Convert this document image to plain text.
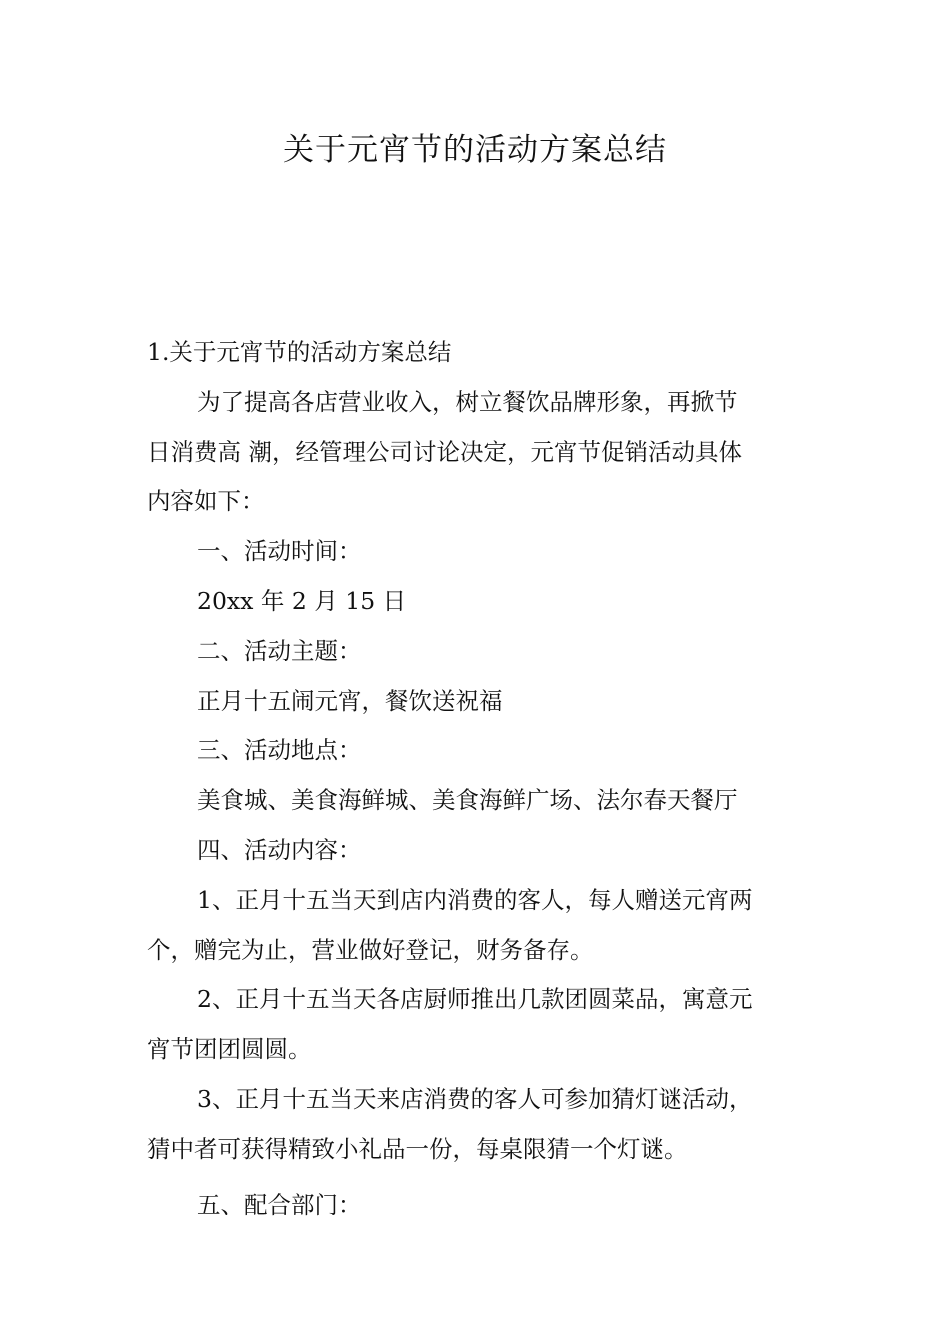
关于元宵节的活动方案总结

1.关于元宵节的活动方案总结

为了提高各店营业收入，树立餐饮品牌形象，再掀节

日消费高 潮，经管理公司讨论决定，元宵节促销活动具体

内容如下：

一、活动时间：

20xx 年 2 月 15 日

二、活动主题：

正月十五闹元宵，餐饮送祝福

三、活动地点：

美食城、美食海鲜城、美食海鲜广场、法尔春天餐厅

四、活动内容：

1、正月十五当天到店内消费的客人，每人赠送元宵两

个，赠完为止，营业做好登记，财务备存。

2、正月十五当天各店厨师推出几款团圆菜品，寓意元

宵节团团圆圆。

3、正月十五当天来店消费的客人可参加猜灯谜活动，

猜中者可获得精致小礼品一份，每桌限猜一个灯谜。

五、配合部门：
